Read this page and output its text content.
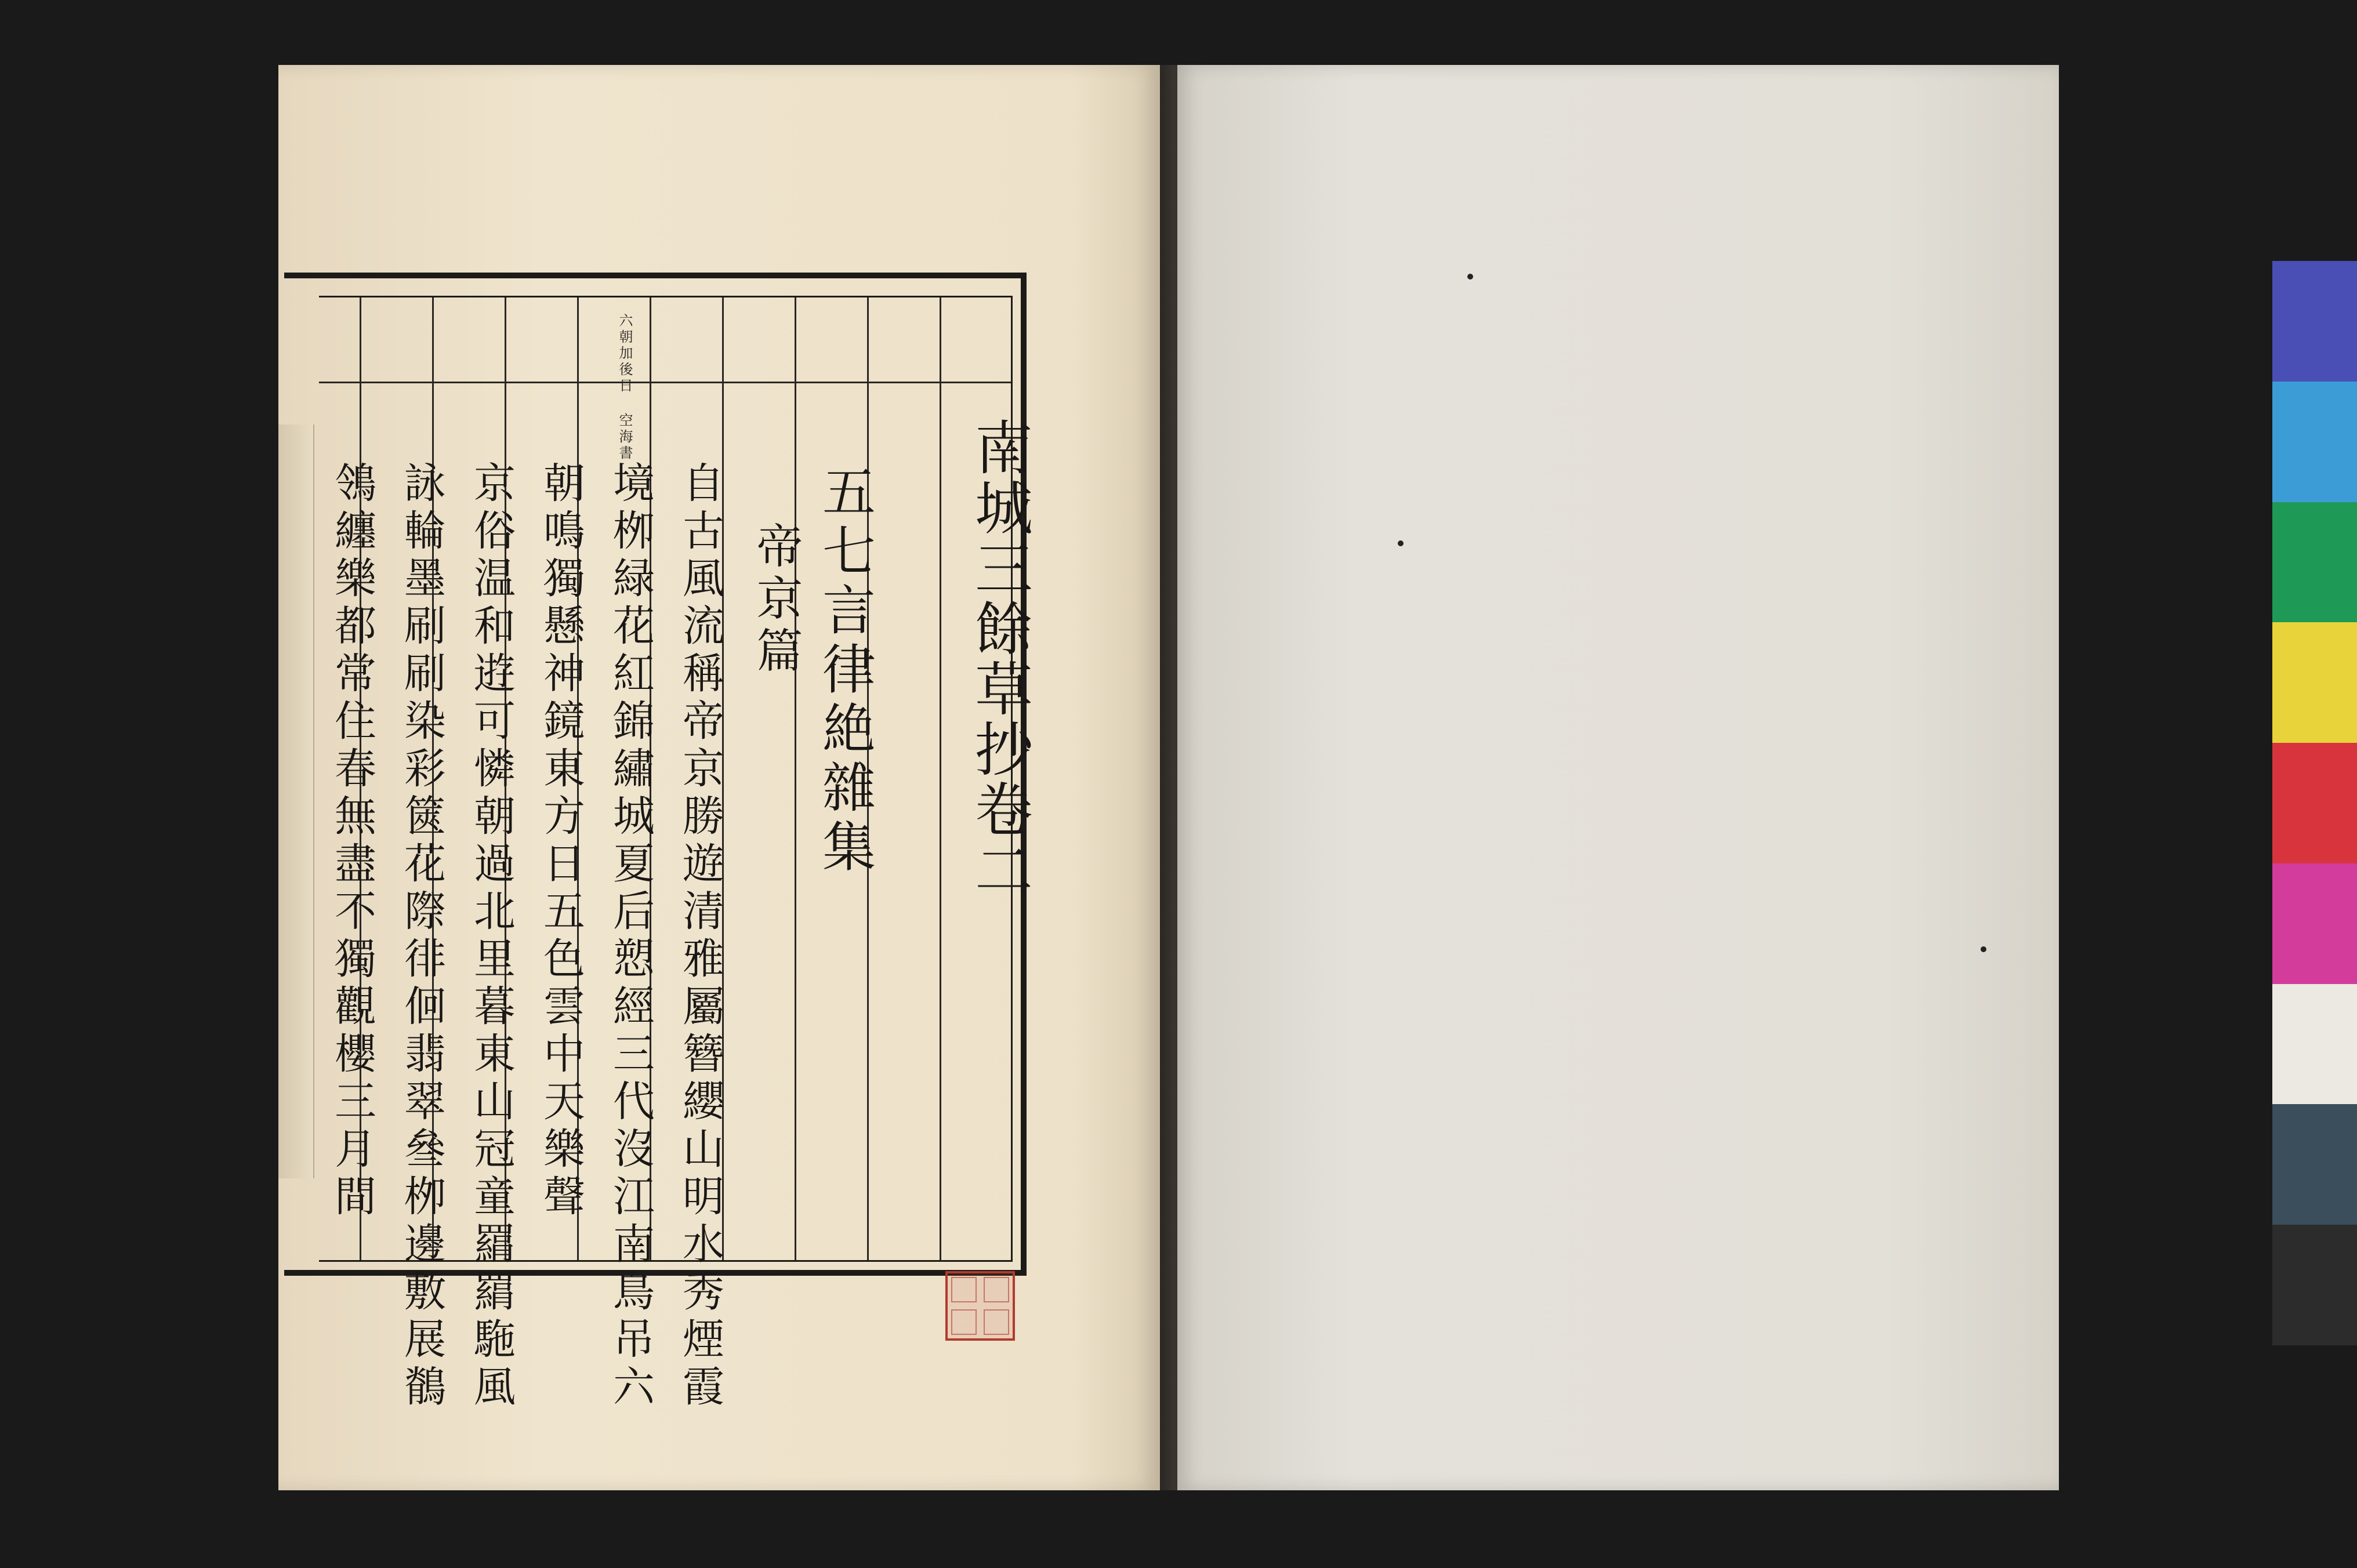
南城三餘草抄卷二
六朝加後日 空海書
五七言律絶雜集
帝京篇
自古風流稱帝京勝遊清雅屬簪纓山明水秀煙霞
境栁緑花紅錦繡城夏后愬經三代沒江南鳥吊六
朝鳴獨懸神鏡東方日五色雲中天樂聲
京俗温和逰可憐朝過北里暮東山冠童羂羂駞風
詠輪墨刷刷染彩篋花際徘佪翡翠叄栁邊敷展鶺
鴒纏樂都常住春無盡不獨觀櫻三月間
